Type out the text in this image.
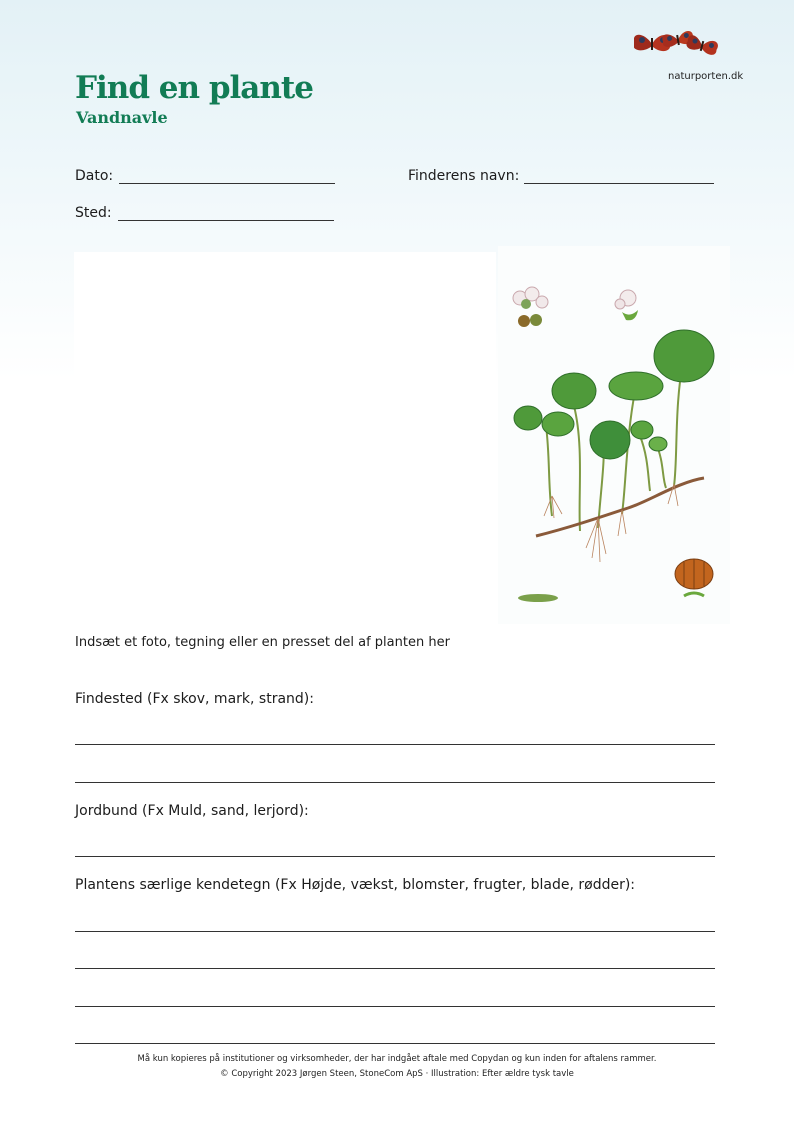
Find en plante
Vandnavle
naturporten.dk
Dato:	Finderens navn:
Sted:
Indsæt et foto, tegning eller en presset del af planten her
Findested (Fx skov, mark, strand):
Jordbund (Fx Muld, sand, lerjord):
Plantens særlige kendetegn (Fx Højde, vækst, blomster, frugter, blade, rødder):
Må kun kopieres på institutioner og virksomheder, der har indgået aftale med Copydan og kun inden for aftalens rammer.
© Copyright 2023 Jørgen Steen, StoneCom ApS · Illustration: Efter ældre tysk tavle
